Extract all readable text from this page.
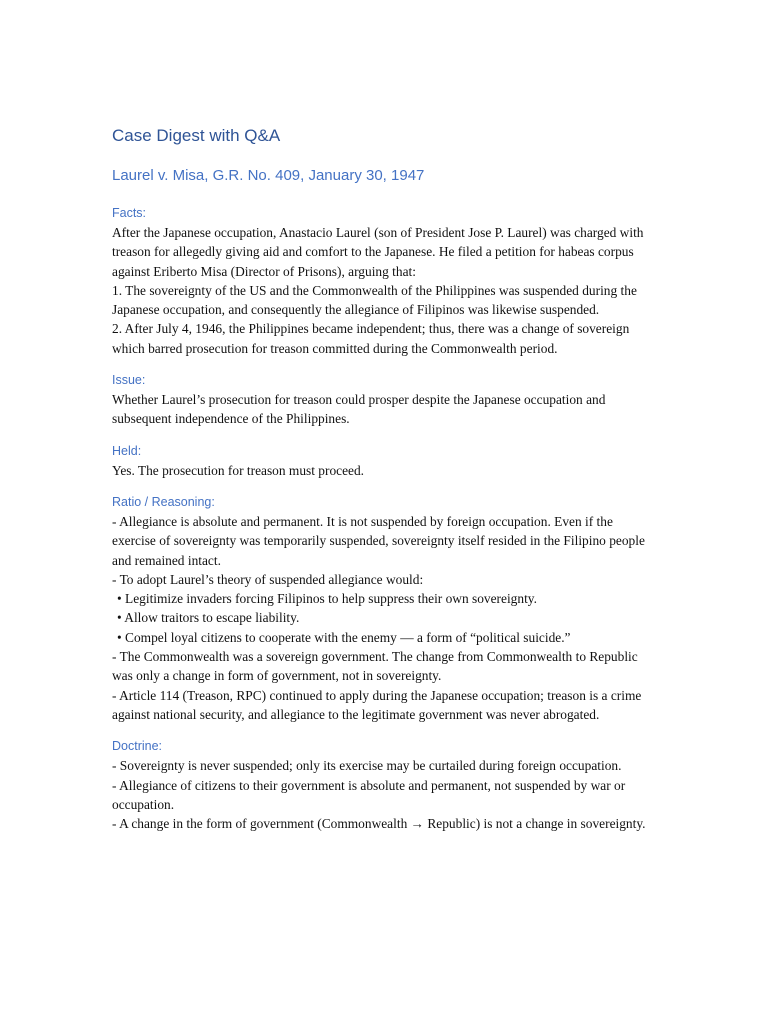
Case Digest with Q&A
Laurel v. Misa, G.R. No. 409, January 30, 1947
Facts:
After the Japanese occupation, Anastacio Laurel (son of President Jose P. Laurel) was charged with treason for allegedly giving aid and comfort to the Japanese. He filed a petition for habeas corpus against Eriberto Misa (Director of Prisons), arguing that:
1. The sovereignty of the US and the Commonwealth of the Philippines was suspended during the Japanese occupation, and consequently the allegiance of Filipinos was likewise suspended.
2. After July 4, 1946, the Philippines became independent; thus, there was a change of sovereign which barred prosecution for treason committed during the Commonwealth period.
Issue:
Whether Laurel’s prosecution for treason could prosper despite the Japanese occupation and subsequent independence of the Philippines.
Held:
Yes. The prosecution for treason must proceed.
Ratio / Reasoning:
- Allegiance is absolute and permanent. It is not suspended by foreign occupation. Even if the exercise of sovereignty was temporarily suspended, sovereignty itself resided in the Filipino people and remained intact.
- To adopt Laurel’s theory of suspended allegiance would:
• Legitimize invaders forcing Filipinos to help suppress their own sovereignty.
• Allow traitors to escape liability.
• Compel loyal citizens to cooperate with the enemy — a form of “political suicide.”
- The Commonwealth was a sovereign government. The change from Commonwealth to Republic was only a change in form of government, not in sovereignty.
- Article 114 (Treason, RPC) continued to apply during the Japanese occupation; treason is a crime against national security, and allegiance to the legitimate government was never abrogated.
Doctrine:
- Sovereignty is never suspended; only its exercise may be curtailed during foreign occupation.
- Allegiance of citizens to their government is absolute and permanent, not suspended by war or occupation.
- A change in the form of government (Commonwealth → Republic) is not a change in sovereignty.
